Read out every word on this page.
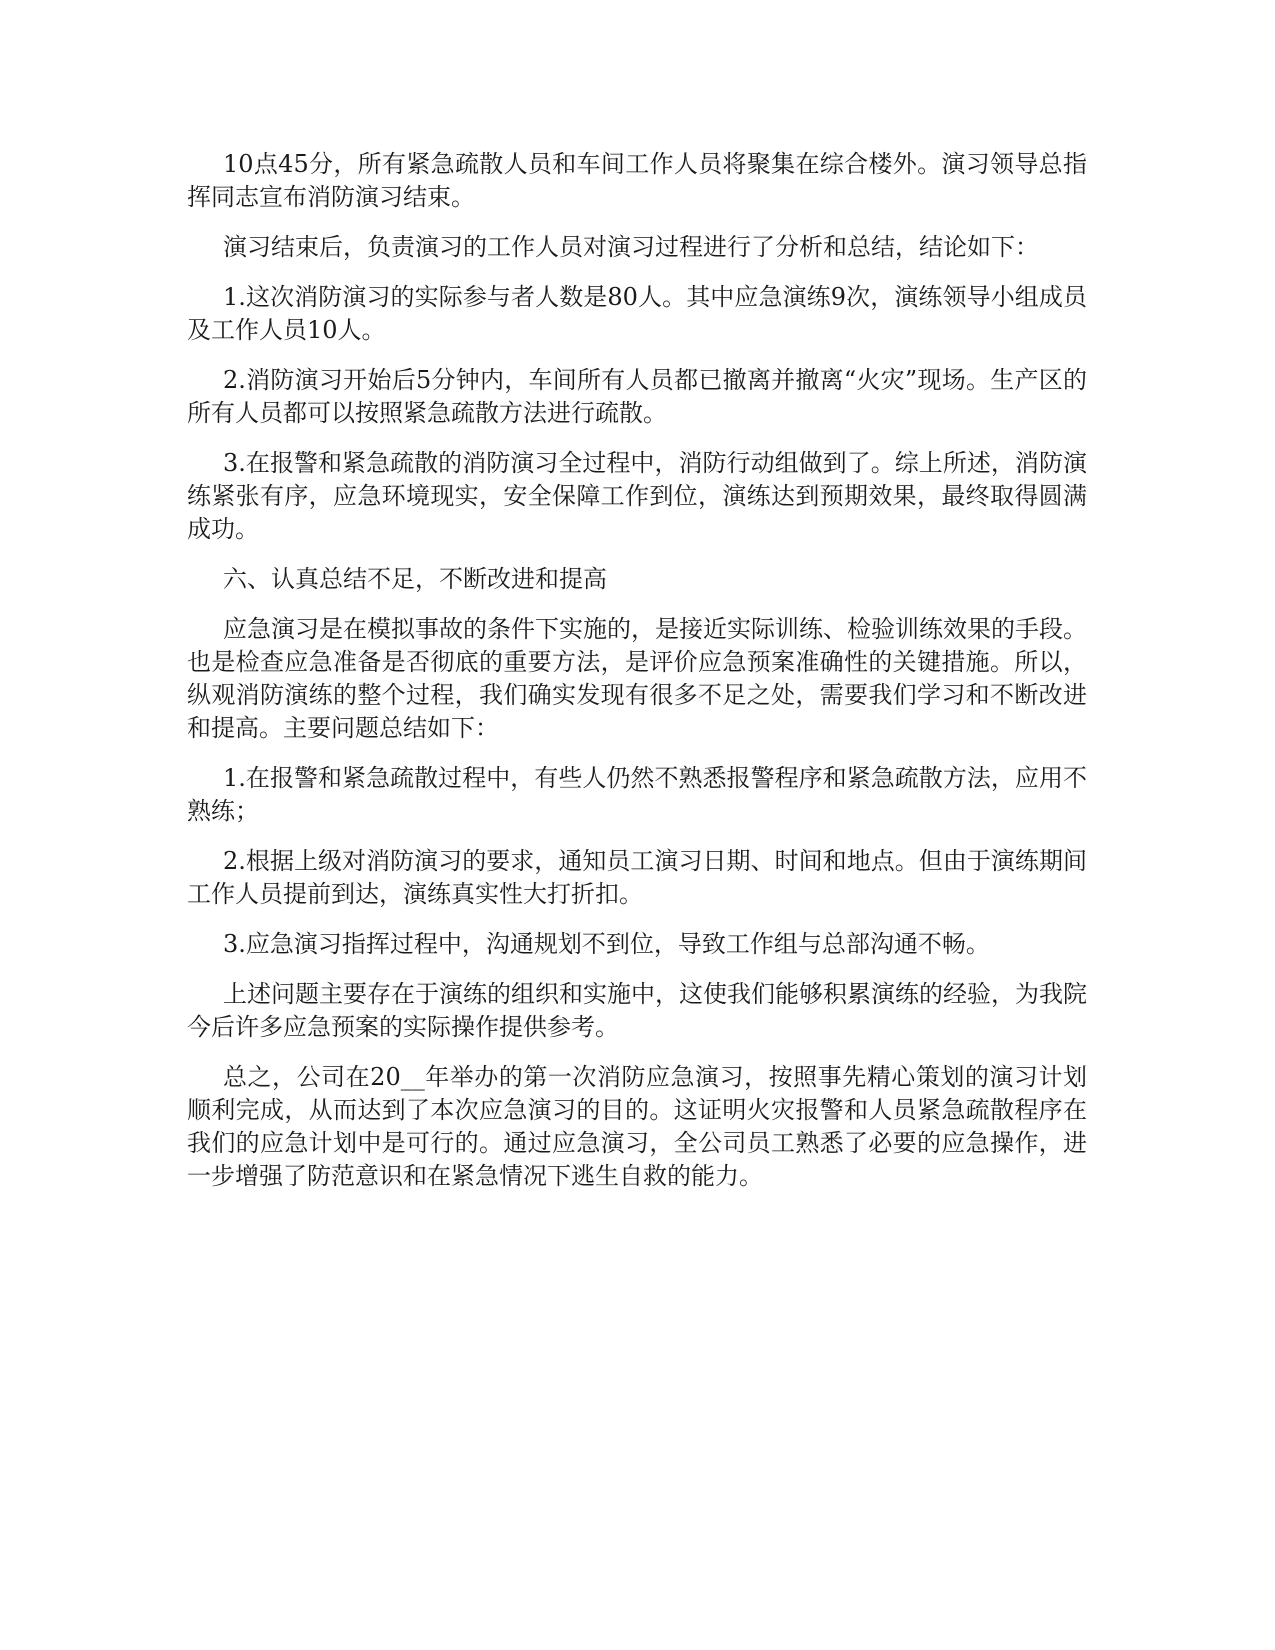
10点45分，所有紧急疏散人员和车间工作人员将聚集在综合楼外。演习领导总指挥同志宣布消防演习结束。

演习结束后，负责演习的工作人员对演习过程进行了分析和总结，结论如下：

1.这次消防演习的实际参与者人数是80人。其中应急演练9次，演练领导小组成员及工作人员10人。

2.消防演习开始后5分钟内，车间所有人员都已撤离并撤离“火灾”现场。生产区的所有人员都可以按照紧急疏散方法进行疏散。

3.在报警和紧急疏散的消防演习全过程中，消防行动组做到了。综上所述，消防演练紧张有序，应急环境现实，安全保障工作到位，演练达到预期效果，最终取得圆满成功。

六、认真总结不足，不断改进和提高

应急演习是在模拟事故的条件下实施的，是接近实际训练、检验训练效果的手段。也是检查应急准备是否彻底的重要方法，是评价应急预案准确性的关键措施。所以，纵观消防演练的整个过程，我们确实发现有很多不足之处，需要我们学习和不断改进和提高。主要问题总结如下：

1.在报警和紧急疏散过程中，有些人仍然不熟悉报警程序和紧急疏散方法，应用不熟练；

2.根据上级对消防演习的要求，通知员工演习日期、时间和地点。但由于演练期间工作人员提前到达，演练真实性大打折扣。

3.应急演习指挥过程中，沟通规划不到位，导致工作组与总部沟通不畅。

上述问题主要存在于演练的组织和实施中，这使我们能够积累演练的经验，为我院今后许多应急预案的实际操作提供参考。

总之，公司在20__年举办的第一次消防应急演习，按照事先精心策划的演习计划顺利完成，从而达到了本次应急演习的目的。这证明火灾报警和人员紧急疏散程序在我们的应急计划中是可行的。通过应急演习，全公司员工熟悉了必要的应急操作，进一步增强了防范意识和在紧急情况下逃生自救的能力。
